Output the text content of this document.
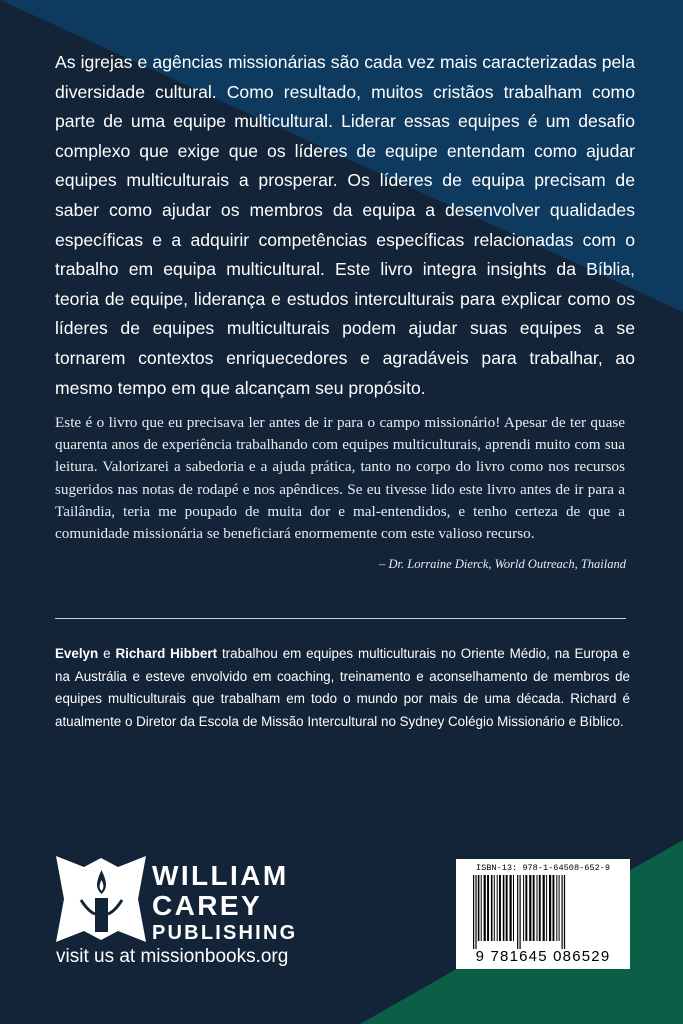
As igrejas e agências missionárias são cada vez mais caracterizadas pela diversidade cultural. Como resultado, muitos cristãos trabalham como parte de uma equipe multicultural. Liderar essas equipes é um desafio complexo que exige que os líderes de equipe entendam como ajudar equipes multiculturais a prosperar. Os líderes de equipa precisam de saber como ajudar os membros da equipa a desenvolver qualidades específicas e a adquirir competências específicas relacionadas com o trabalho em equipa multicultural. Este livro integra insights da Bíblia, teoria de equipe, liderança e estudos interculturais para explicar como os líderes de equipes multiculturais podem ajudar suas equipes a se tornarem contextos enriquecedores e agradáveis para trabalhar, ao mesmo tempo em que alcançam seu propósito.

Este é o livro que eu precisava ler antes de ir para o campo missionário! Apesar de ter quase quarenta anos de experiência trabalhando com equipes multiculturais, aprendi muito com sua leitura. Valorizarei a sabedoria e a ajuda prática, tanto no corpo do livro como nos recursos sugeridos nas notas de rodapé e nos apêndices. Se eu tivesse lido este livro antes de ir para a Tailândia, teria me poupado de muita dor e mal-entendidos, e tenho certeza de que a comunidade missionária se beneficiará enormemente com este valioso recurso.

– Dr. Lorraine Dierck, World Outreach, Thailand

Evelyn e Richard Hibbert trabalhou em equipes multiculturais no Oriente Médio, na Europa e na Austrália e esteve envolvido em coaching, treinamento e aconselhamento de membros de equipes multiculturais que trabalham em todo o mundo por mais de uma década. Richard é atualmente o Diretor da Escola de Missão Intercultural no Sydney Colégio Missionário e Bíblico.

WILLIAM

CAREY

PUBLISHING

visit us at missionbooks.org

ISBN-13: 978-1-64508-652-9

9 781645 086529
